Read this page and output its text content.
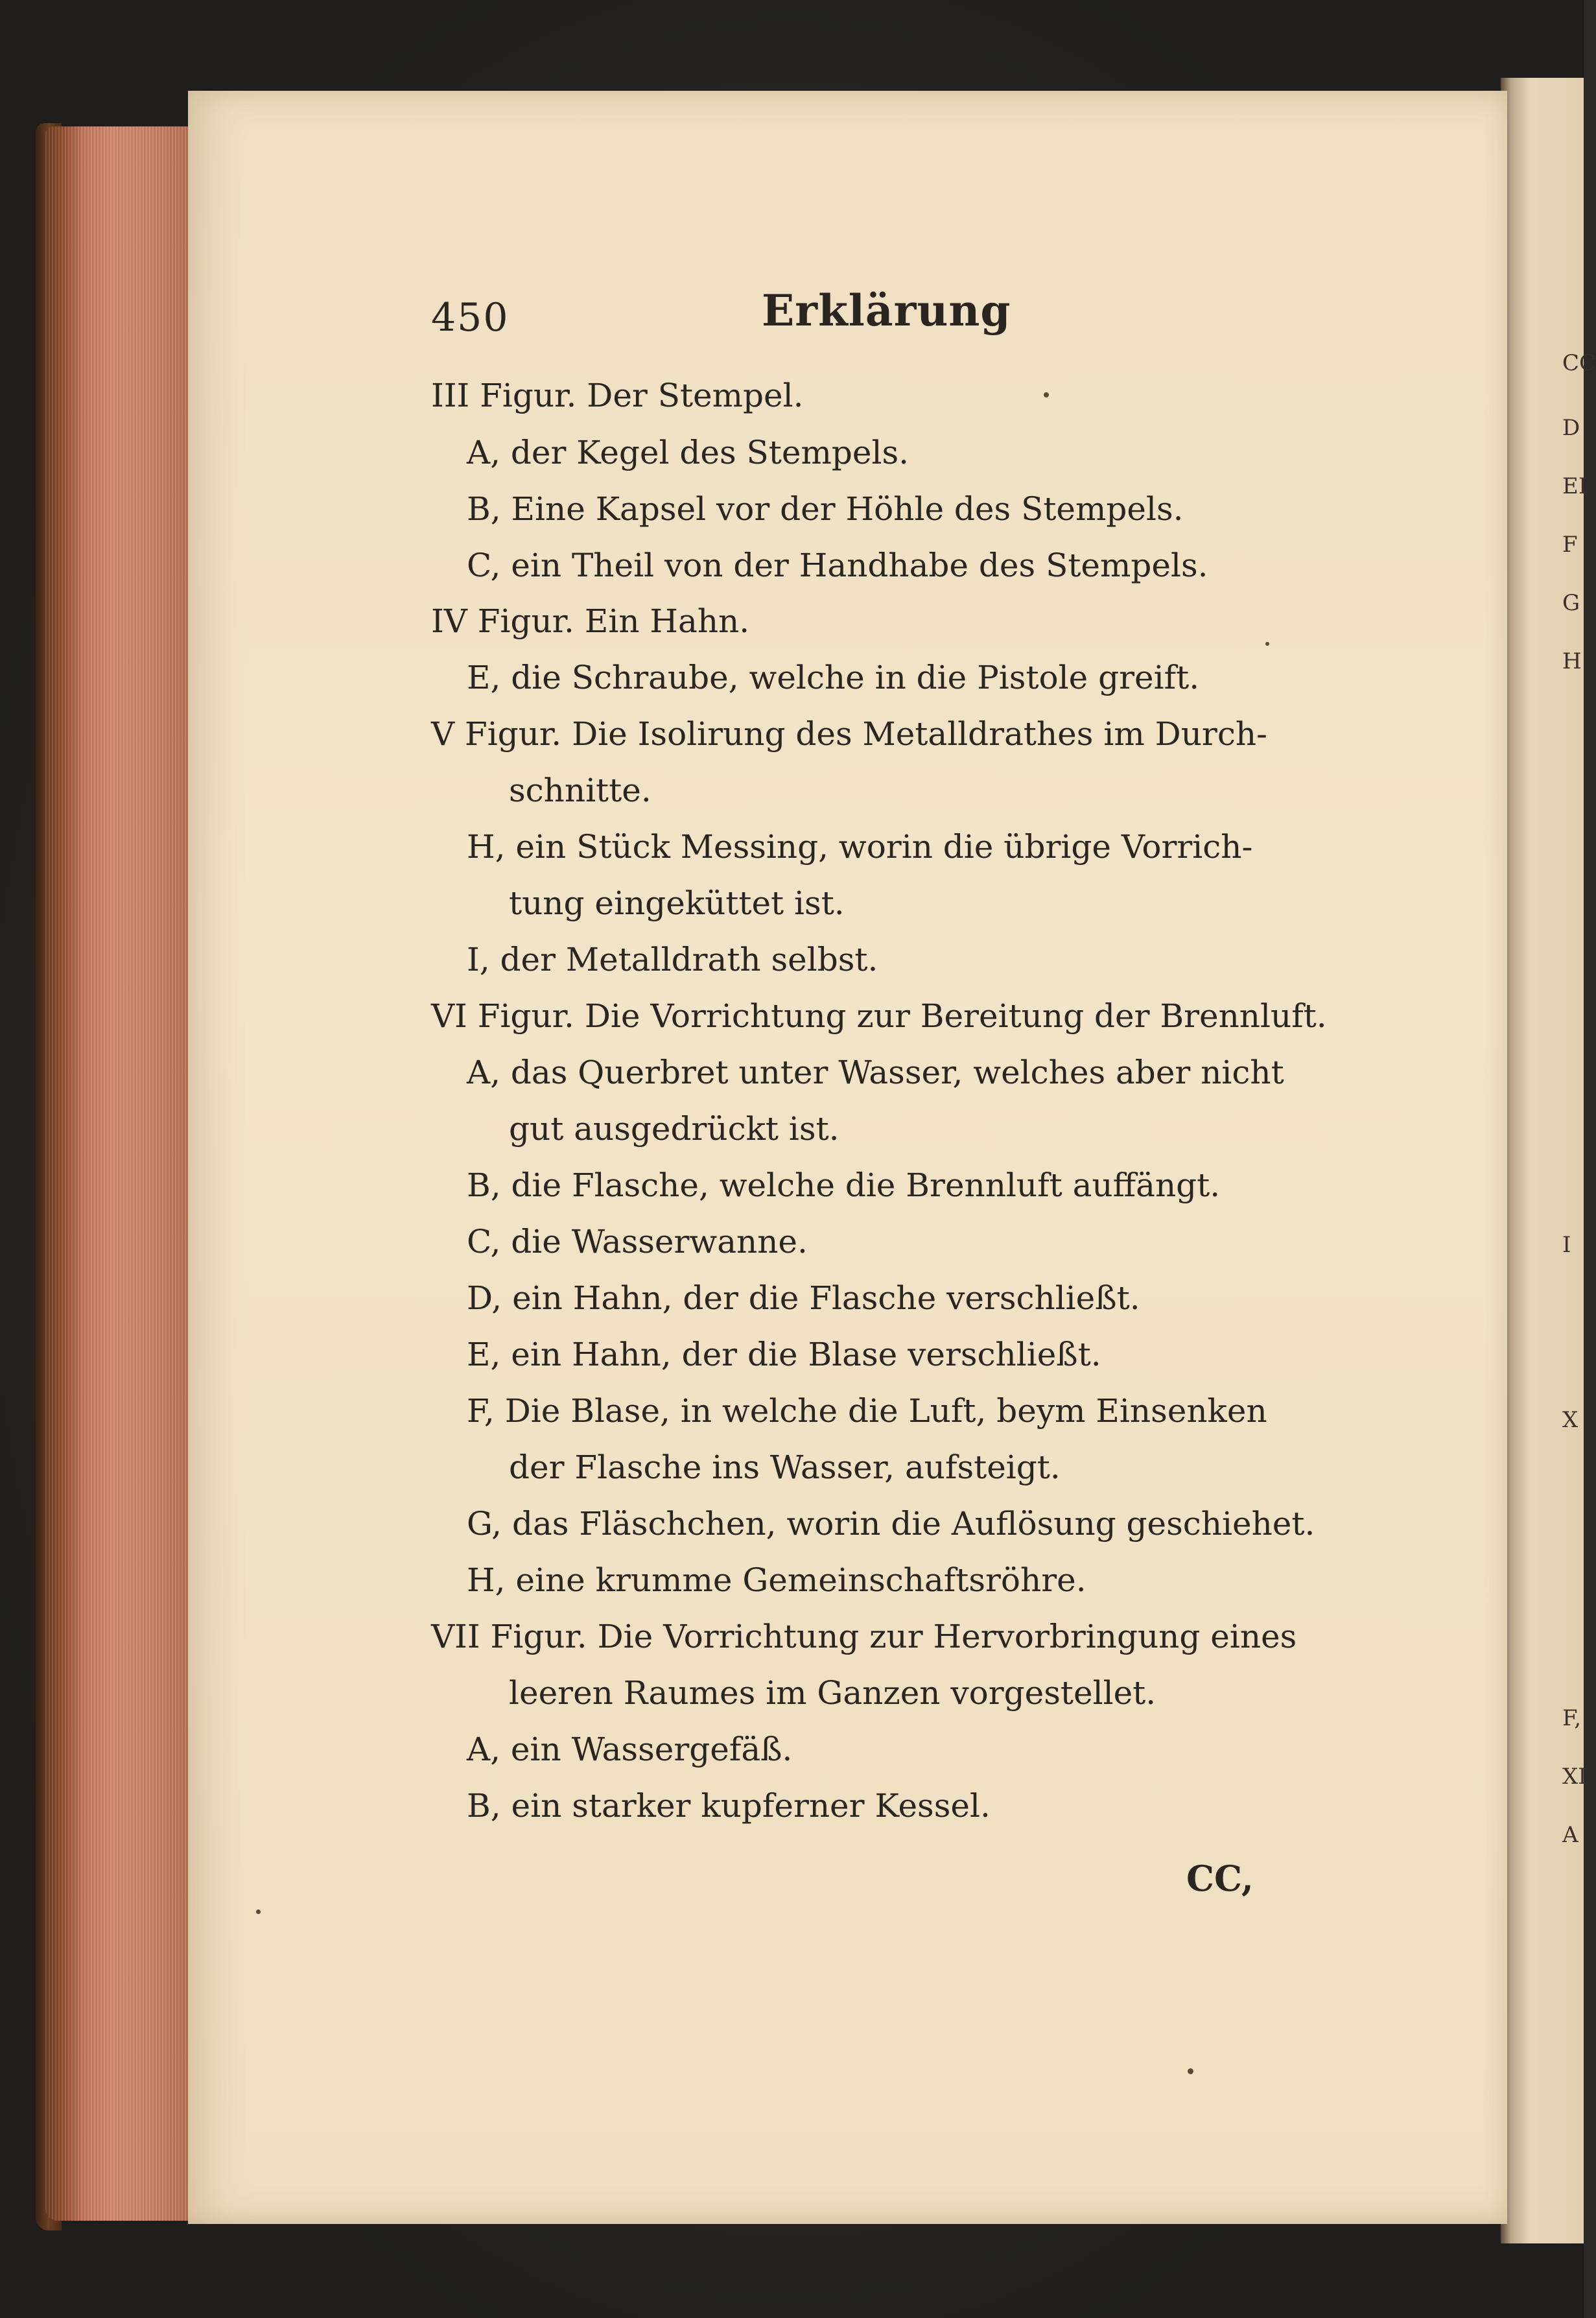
450	Erklärung
III Figur. Der Stempel.
A, der Kegel des Stempels.
B, Eine Kapsel vor der Höhle des Stempels.
C, ein Theil von der Handhabe des Stempels.
IV Figur. Ein Hahn.
E, die Schraube, welche in die Pistole greift.
V Figur. Die Isolirung des Metalldrathes im Durch-
schnitte.
H, ein Stück Messing, worin die übrige Vorrich-
tung eingeküttet ist.
I, der Metalldrath selbst.
VI Figur. Die Vorrichtung zur Bereitung der Brennluft.
A, das Querbret unter Wasser, welches aber nicht
gut ausgedrückt ist.
B, die Flasche, welche die Brennluft auffängt.
C, die Wasserwanne.
D, ein Hahn, der die Flasche verschließt.
E, ein Hahn, der die Blase verschließt.
F, Die Blase, in welche die Luft, beym Einsenken
der Flasche ins Wasser, aufsteigt.
G, das Fläschchen, worin die Auflösung geschiehet.
H, eine krumme Gemeinschaftsröhre.
VII Figur. Die Vorrichtung zur Hervorbringung eines
leeren Raumes im Ganzen vorgestellet.
A, ein Wassergefäß.
B, ein starker kupferner Kessel.
CC,
CC
D
EI
F
G
H
I
X
F,
XI
A
